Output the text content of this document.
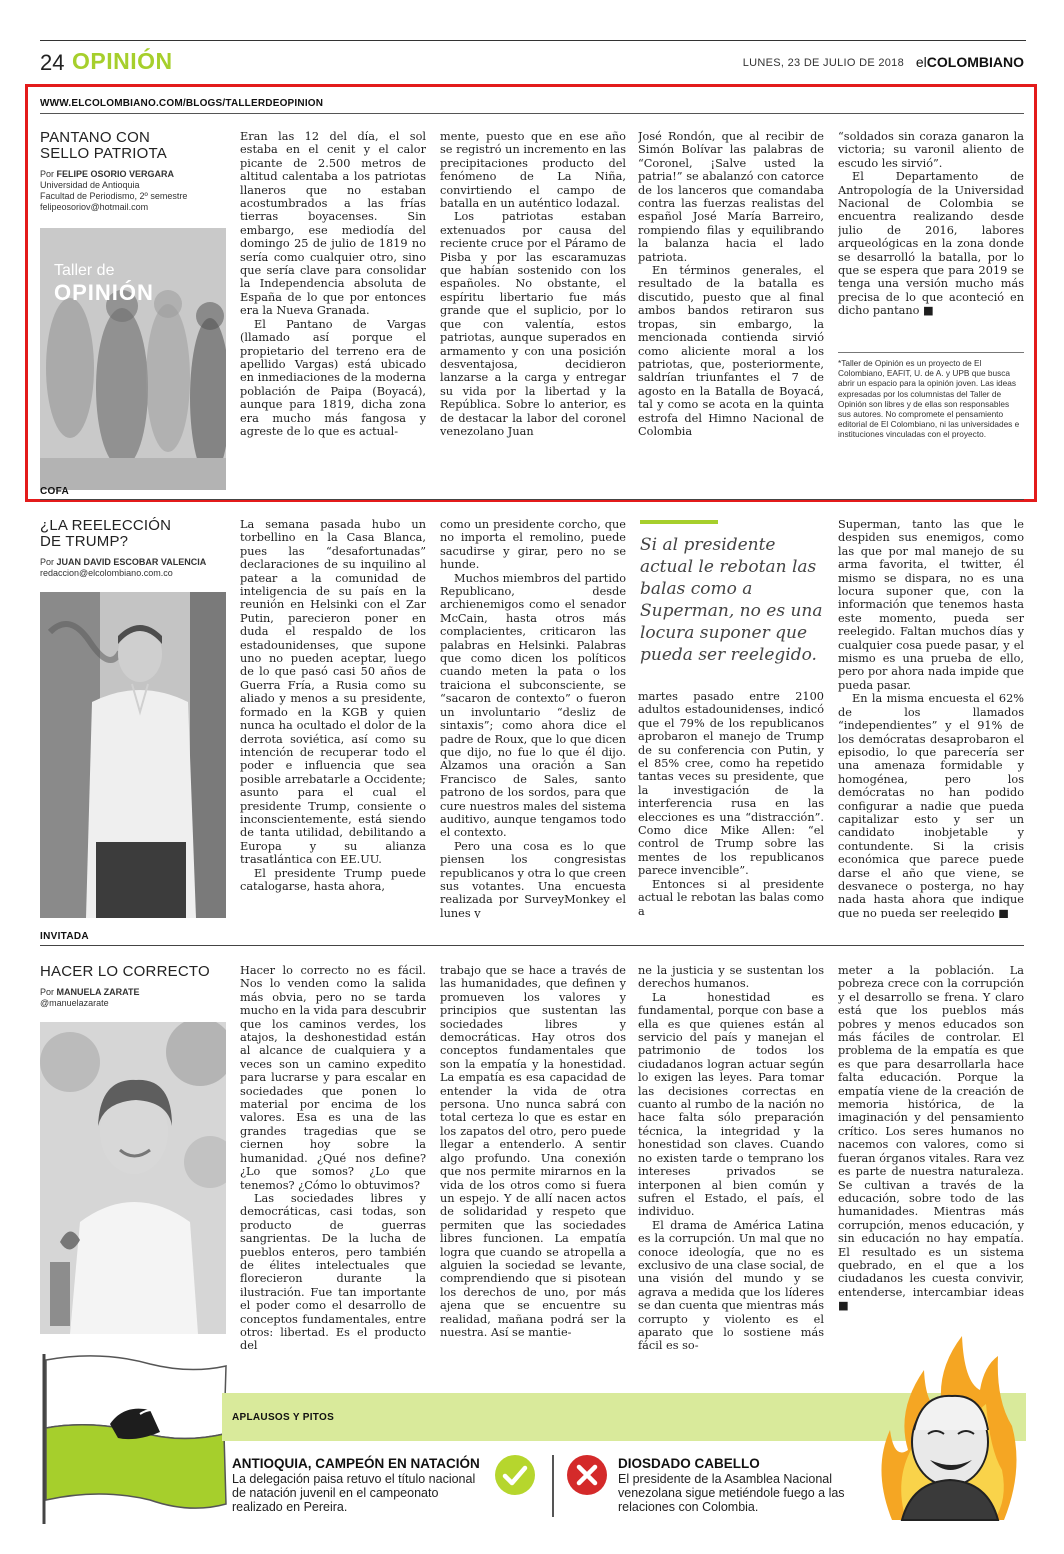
24 OPINIÓN	LUNES, 23 DE JULIO DE 2018 elCOLOMBIANO
WWW.ELCOLOMBIANO.COM/BLOGS/TALLERDEOPINION
PANTANO CON SELLO PATRIOTA
Por FELIPE OSORIO VERGARA
Universidad de Antioquia
Facultad de Periodismo, 2º semestre
felipeosoriov@hotmail.com
Taller de
OPINIÓN

Eran las 12 del día, el sol estaba en el cenit y el calor picante de 2.500 metros de altitud calentaba a los patriotas llaneros que no estaban acostumbrados a las frías tierras boyacenses. Sin embargo, ese mediodía del domingo 25 de julio de 1819 no sería como cualquier otro, sino que sería clave para consolidar la Independencia absoluta de España de lo que por entonces era la Nueva Granada.

El Pantano de Vargas (llamado así porque el propietario del terreno era de apellido Vargas) está ubicado en inmediaciones de la moderna población de Paipa (Boyacá), aunque para 1819, dicha zona era mucho más fangosa y agreste de lo que es actual-

mente, puesto que en ese año se registró un incremento en las precipitaciones producto del fenómeno de La Niña, convirtiendo el campo de batalla en un auténtico lodazal.

Los patriotas estaban extenuados por causa del reciente cruce por el Páramo de Pisba y por las escaramuzas que habían sostenido con los españoles. No obstante, el espíritu libertario fue más grande que el suplicio, por lo que con valentía, estos patriotas, aunque superados en armamento y con una posición desventajosa, decidieron lanzarse a la carga y entregar su vida por la libertad y la República. Sobre lo anterior, es de destacar la labor del coronel venezolano Juan

José Rondón, que al recibir de Simón Bolívar las palabras de “Coronel, ¡Salve usted la patria!” se abalanzó con catorce de los lanceros que comandaba contra las fuerzas realistas del español José María Barreiro, rompiendo filas y equilibrando la balanza hacia el lado patriota.

En términos generales, el resultado de la batalla es discutido, puesto que al final ambos bandos retiraron sus tropas, sin embargo, la mencionada contienda sirvió como aliciente moral a los patriotas, que, posteriormente, saldrían triunfantes el 7 de agosto en la Batalla de Boyacá, tal y como se acota en la quinta estrofa del Himno Nacional de Colombia

“soldados sin coraza ganaron la victoria; su varonil aliento de escudo les sirvió”.

El Departamento de Antropología de la Universidad Nacional de Colombia se encuentra realizando desde julio de 2016, labores arqueológicas en la zona donde se desarrolló la batalla, por lo que se espera que para 2019 se tenga una versión mucho más precisa de lo que aconteció en dicho pantano ■

*Taller de Opinión es un proyecto de El Colombiano, EAFIT, U. de A. y UPB que busca abrir un espacio para la opinión joven. Las ideas expresadas por los columnistas del Taller de Opinión son libres y de ellas son responsables sus autores. No compromete el pensamiento editorial de El Colombiano, ni las universidades e instituciones vinculadas con el proyecto.
COFA
¿LA REELECCIÓN DE TRUMP?
Por JUAN DAVID ESCOBAR VALENCIA
redaccion@elcolombiano.com.co

La semana pasada hubo un torbellino en la Casa Blanca, pues las “desafortunadas” declaraciones de su inquilino al patear a la comunidad de inteligencia de su país en la reunión en Helsinki con el Zar Putin, parecieron poner en duda el respaldo de los estadounidenses, que supone uno no pueden aceptar, luego de lo que pasó casi 50 años de Guerra Fría, a Rusia como su aliado y menos a su presidente, formado en la KGB y quien nunca ha ocultado el dolor de la derrota soviética, así como su intención de recuperar todo el poder e influencia que sea posible arrebatarle a Occidente; asunto para el cual el presidente Trump, consiente o inconscientemente, está siendo de tanta utilidad, debilitando a Europa y su alianza trasatlántica con EE.UU.

El presidente Trump puede catalogarse, hasta ahora,

como un presidente corcho, que no importa el remolino, puede sacudirse y girar, pero no se hunde.

Muchos miembros del partido Republicano, desde archienemigos como el senador McCain, hasta otros más complacientes, criticaron las palabras en Helsinki. Palabras que como dicen los políticos cuando meten la pata o los traiciona el subconsciente, se “sacaron de contexto” o fueron un involuntario “desliz de sintaxis”; como ahora dice el padre de Roux, que lo que dicen que dijo, no fue lo que él dijo. Alzamos una oración a San Francisco de Sales, santo patrono de los sordos, para que cure nuestros males del sistema auditivo, aunque tengamos todo el contexto.

Pero una cosa es lo que piensen los congresistas republicanos y otra lo que creen sus votantes. Una encuesta realizada por SurveyMonkey el lunes y

Si al presidente actual le rebotan las balas como a Superman, no es una locura suponer que pueda ser reelegido.

martes pasado entre 2100 adultos estadounidenses, indicó que el 79% de los republicanos aprobaron el manejo de Trump de su conferencia con Putin, y el 85% cree, como ha repetido tantas veces su presidente, que la investigación de la interferencia rusa en las elecciones es una “distracción”. Como dice Mike Allen: “el control de Trump sobre las mentes de los republicanos parece invencible”.

Entonces si al presidente actual le rebotan las balas como a

Superman, tanto las que le despiden sus enemigos, como las que por mal manejo de su arma favorita, el twitter, él mismo se dispara, no es una locura suponer que, con la información que tenemos hasta este momento, pueda ser reelegido. Faltan muchos días y cualquier cosa puede pasar, y el mismo es una prueba de ello, pero por ahora nada impide que pueda pasar.

En la misma encuesta el 62% de los llamados “independientes” y el 91% de los demócratas desaprobaron el episodio, lo que parecería ser una amenaza formidable y homogénea, pero los demócratas no han podido configurar a nadie que pueda capitalizar esto y ser un candidato inobjetable y contundente. Si la crisis económica que parece puede darse el año que viene, se desvanece o posterga, no hay nada hasta ahora que indique que no pueda ser reelegido ■

INVITADA
HACER LO CORRECTO
Por MANUELA ZARATE
@manuelazarate

Hacer lo correcto no es fácil. Nos lo venden como la salida más obvia, pero no se tarda mucho en la vida para descubrir que los caminos verdes, los atajos, la deshonestidad están al alcance de cualquiera y a veces son un camino expedito para lucrarse y para escalar en sociedades que ponen lo material por encima de los valores. Esa es una de las grandes tragedias que se ciernen hoy sobre la humanidad. ¿Qué nos define? ¿Lo que somos? ¿Lo que tenemos? ¿Cómo lo obtuvimos?

Las sociedades libres y democráticas, casi todas, son producto de guerras sangrientas. De la lucha de pueblos enteros, pero también de élites intelectuales que florecieron durante la ilustración. Fue tan importante el poder como el desarrollo de conceptos fundamentales, entre otros: libertad. Es el producto del

trabajo que se hace a través de las humanidades, que definen y promueven los valores y principios que sustentan las sociedades libres y democráticas. Hay otros dos conceptos fundamentales que son la empatía y la honestidad. La empatía es esa capacidad de entender la vida de otra persona. Uno nunca sabrá con total certeza lo que es estar en los zapatos del otro, pero puede llegar a entenderlo. A sentir algo profundo. Una conexión que nos permite mirarnos en la vida de los otros como si fuera un espejo. Y de allí nacen actos de solidaridad y respeto que permiten que las sociedades libres funcionen. La empatía logra que cuando se atropella a alguien la sociedad se levante, comprendiendo que si pisotean los derechos de uno, por más ajena que se encuentre su realidad, mañana podrá ser la nuestra. Así se mantie-

ne la justicia y se sustentan los derechos humanos.

La honestidad es fundamental, porque con base a ella es que quienes están al servicio del país y manejan el patrimonio de todos los ciudadanos logran actuar según lo exigen las leyes. Para tomar las decisiones correctas en cuanto al rumbo de la nación no hace falta sólo preparación técnica, la integridad y la honestidad son claves. Cuando no existen tarde o temprano los intereses privados se interponen al bien común y sufren el Estado, el país, el individuo.

El drama de América Latina es la corrupción. Un mal que no conoce ideología, que no es exclusivo de una clase social, de una visión del mundo y se agrava a medida que los líderes se dan cuenta que mientras más corrupto y violento es el aparato que lo sostiene más fácil es so-

meter a la población. La pobreza crece con la corrupción y el desarrollo se frena. Y claro está que los pueblos más pobres y menos educados son más fáciles de controlar. El problema de la empatía es que es que para desarrollarla hace falta educación. Porque la empatía viene de la creación de memoria histórica, de la imaginación y del pensamiento crítico. Los seres humanos no nacemos con valores, como si fueran órganos vitales. Rara vez es parte de nuestra naturaleza. Se cultivan a través de la educación, sobre todo de las humanidades. Mientras más corrupción, menos educación, y sin educación no hay empatía. El resultado es un sistema quebrado, en el que a los ciudadanos les cuesta convivir, entenderse, intercambiar ideas ■

APLAUSOS Y PITOS
ANTIOQUIA, CAMPEÓN EN NATACIÓN
La delegación paisa retuvo el título nacional de natación juvenil en el campeonato realizado en Pereira.
DIOSDADO CABELLO
El presidente de la Asamblea Nacional venezolana sigue metiéndole fuego a las relaciones con Colombia.
